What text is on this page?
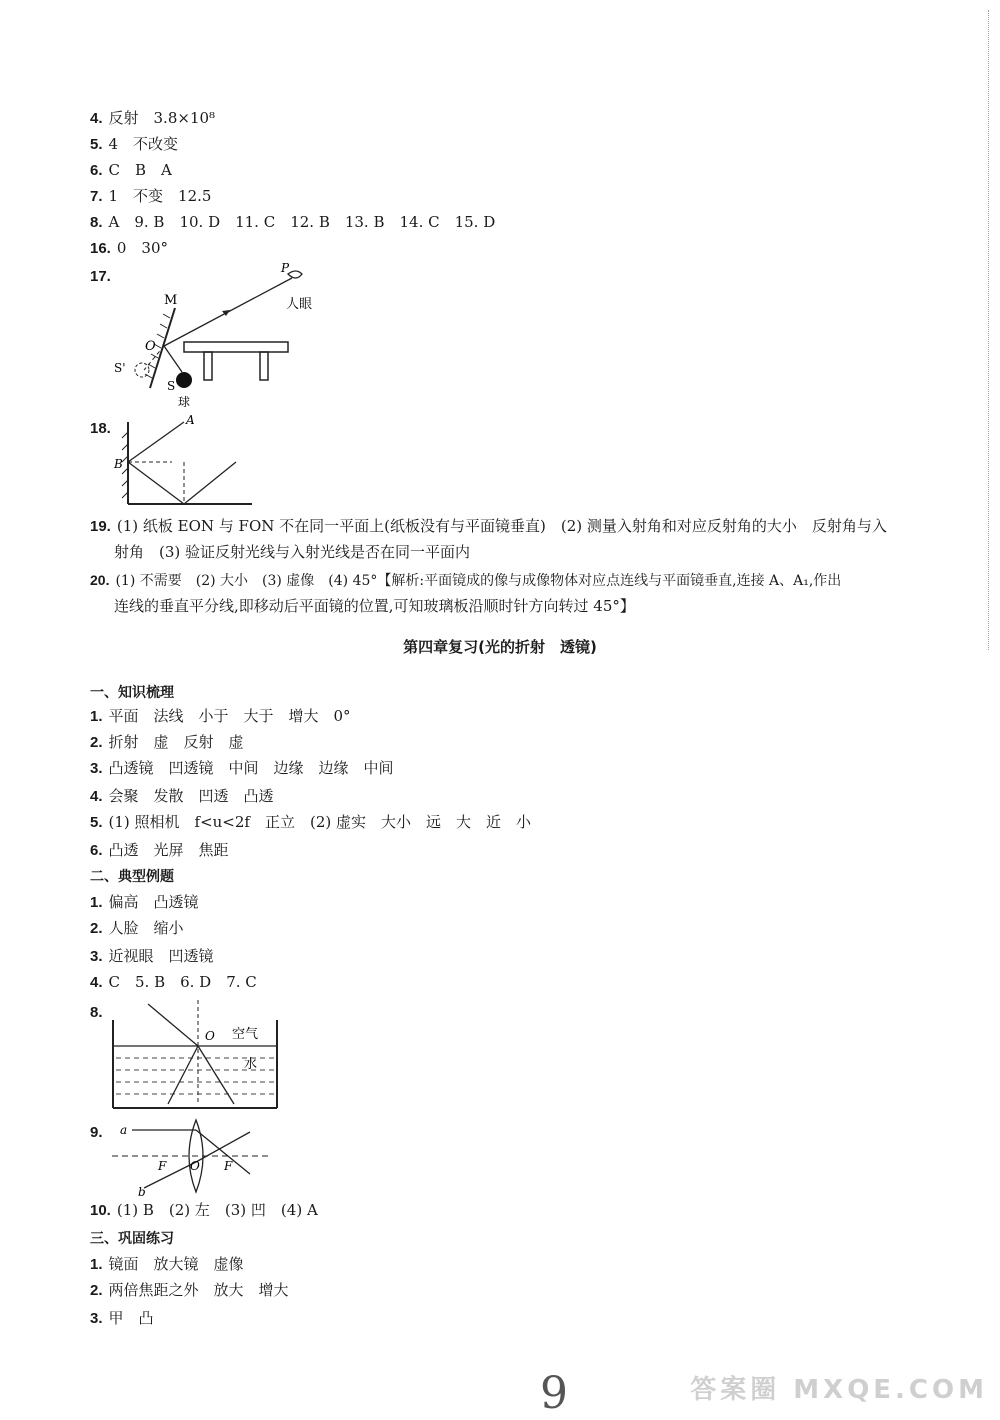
4. 反射　3.8×10⁸
5. 4　不改变
6. C　B　A
7. 1　不变　12.5
8. A　9. B　10. D　11. C　12. B　13. B　14. C　15. D
16. 0　30°
17.	P
人眼
M
O
S'
S
球
18.	A
B
19. (1) 纸板 EON 与 FON 不在同一平面上(纸板没有与平面镜垂直)　(2) 测量入射角和对应反射角的大小　反射角与入
射角　(3) 验证反射光线与入射光线是否在同一平面内
20. (1) 不需要　(2) 大小　(3) 虚像　(4) 45°【解析:平面镜成的像与成像物体对应点连线与平面镜垂直,连接 A、A₁,作出
连线的垂直平分线,即移动后平面镜的位置,可知玻璃板沿顺时针方向转过 45°】
第四章复习(光的折射　透镜)
一、知识梳理
1. 平面　法线　小于　大于　增大　0°
2. 折射　虚　反射　虚
3. 凸透镜　凹透镜　中间　边缘　边缘　中间
4. 会聚　发散　凹透　凸透
5. (1) 照相机　f<u<2f　正立　(2) 虚实　大小　远　大　近　小
6. 凸透　光屏　焦距
二、典型例题
1. 偏高　凸透镜
2. 人脸　缩小
3. 近视眼　凹透镜
4. C　5. B　6. D　7. C
8.
O 空气
水
9.	a
b
F O F
10. (1) B　(2) 左　(3) 凹　(4) A
三、巩固练习
1. 镜面　放大镜　虚像
2. 两倍焦距之外　放大　增大
3. 甲　凸
9	答案圈 MXQE.COM
